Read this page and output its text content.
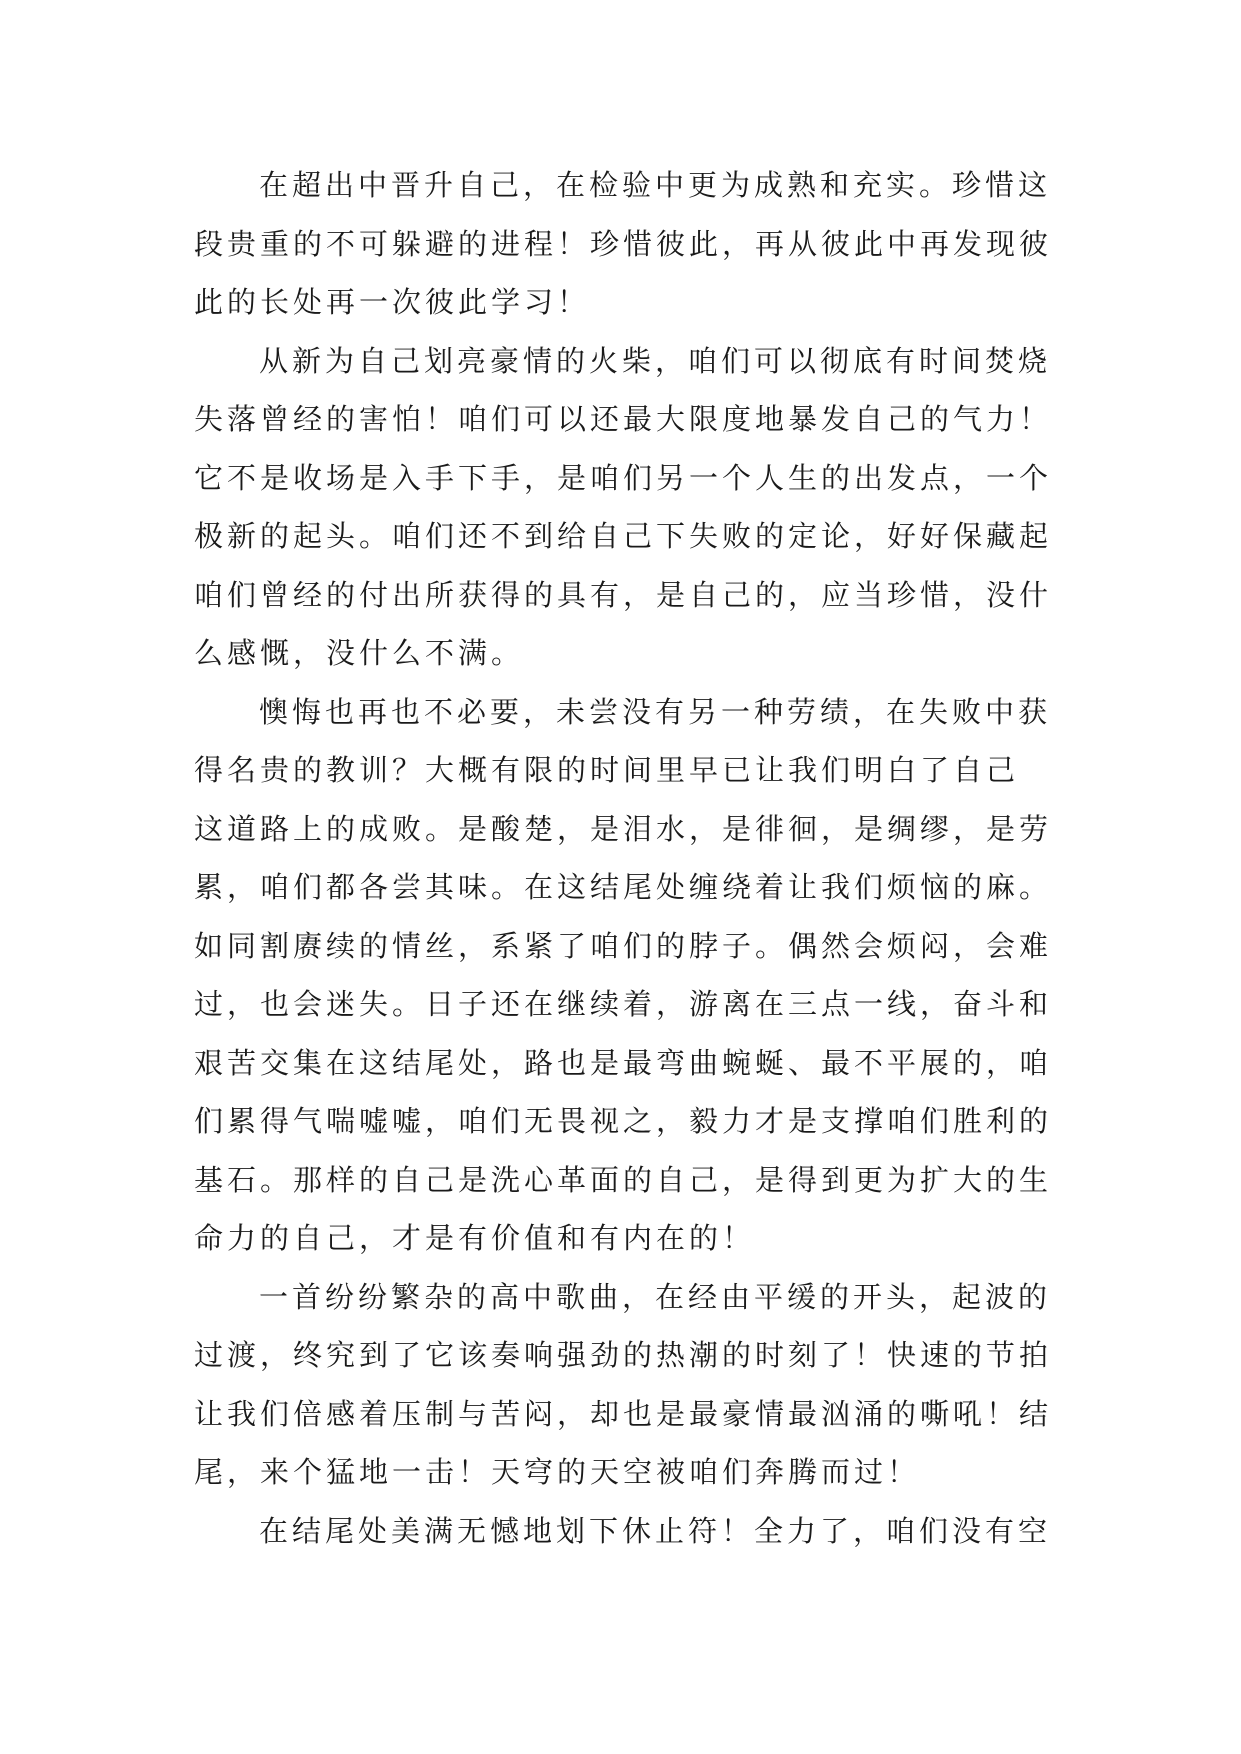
在超出中晋升自己，在检验中更为成熟和充实。珍惜这
段贵重的不可躲避的进程！珍惜彼此，再从彼此中再发现彼
此的长处再一次彼此学习！
从新为自己划亮豪情的火柴，咱们可以彻底有时间焚烧
失落曾经的害怕！咱们可以还最大限度地暴发自己的气力！
它不是收场是入手下手，是咱们另一个人生的出发点，一个
极新的起头。咱们还不到给自己下失败的定论，好好保藏起
咱们曾经的付出所获得的具有，是自己的，应当珍惜，没什
么感慨，没什么不满。
懊悔也再也不必要，未尝没有另一种劳绩，在失败中获
得名贵的教训？大概有限的时间里早已让我们明白了自己
这道路上的成败。是酸楚，是泪水，是徘徊，是绸缪，是劳
累，咱们都各尝其味。在这结尾处缠绕着让我们烦恼的麻。
如同割赓续的情丝，系紧了咱们的脖子。偶然会烦闷，会难
过，也会迷失。日子还在继续着，游离在三点一线，奋斗和
艰苦交集在这结尾处，路也是最弯曲蜿蜒、最不平展的，咱
们累得气喘嘘嘘，咱们无畏视之，毅力才是支撑咱们胜利的
基石。那样的自己是洗心革面的自己，是得到更为扩大的生
命力的自己，才是有价值和有内在的！
一首纷纷繁杂的高中歌曲，在经由平缓的开头，起波的
过渡，终究到了它该奏响强劲的热潮的时刻了！快速的节拍
让我们倍感着压制与苦闷，却也是最豪情最汹涌的嘶吼！结
尾，来个猛地一击！天穹的天空被咱们奔腾而过！
在结尾处美满无憾地划下休止符！全力了，咱们没有空
